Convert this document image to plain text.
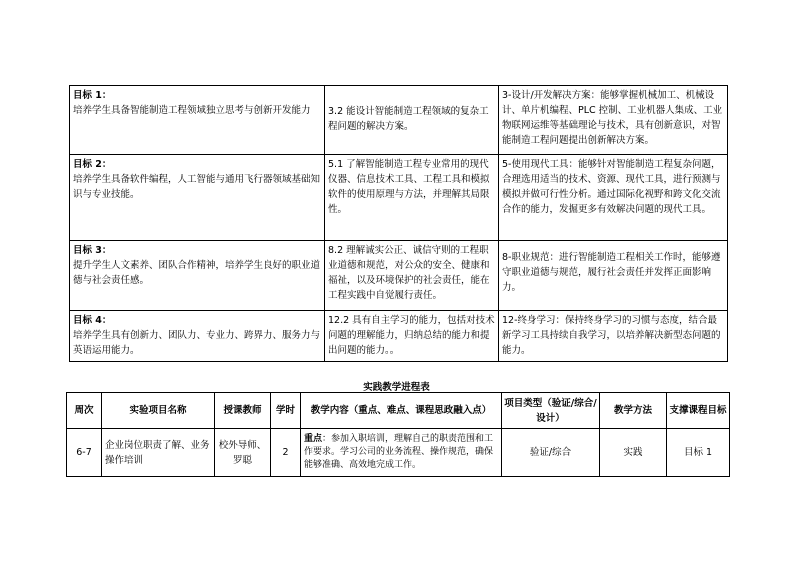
目标 1：
培养学生具备智能制造工程领域独立思考与创新开发能力	3.2 能设计智能制造工程领域的复杂工程问题的解决方案。	3-设计/开发解决方案：能够掌握机械加工、机械设计、单片机编程、PLC 控制、工业机器人集成、工业物联网运维等基础理论与技术，具有创新意识，对智能制造工程问题提出创新解决方案。

目标 2：
培养学生具备软件编程，人工智能与通用飞行器领域基础知识与专业技能。	5.1 了解智能制造工程专业常用的现代仪器、信息技术工具、工程工具和模拟软件的使用原理与方法，并理解其局限性。	5-使用现代工具：能够针对智能制造工程复杂问题，合理选用适当的技术、资源、现代工具，进行预测与模拟并做可行性分析。通过国际化视野和跨文化交流合作的能力，发掘更多有效解决问题的现代工具。

目标 3：
提升学生人文素养、团队合作精神，培养学生良好的职业道德与社会责任感。	8.2 理解诚实公正、诚信守则的工程职业道德和规范，对公众的安全、健康和福祉，以及环境保护的社会责任，能在工程实践中自觉履行责任。	8-职业规范：进行智能制造工程相关工作时，能够遵守职业道德与规范，履行社会责任并发挥正面影响力。

目标 4：
培养学生具有创新力、团队力、专业力、跨界力、服务力与英语运用能力。	12.2 具有自主学习的能力，包括对技术问题的理解能力，归纳总结的能力和提出问题的能力。。	12-终身学习：保持终身学习的习惯与态度，结合最新学习工具持续自我学习，以培养解决新型态问题的能力。
实践教学进程表
周次	实验项目名称	授课教师	学时	教学内容（重点、难点、课程思政融入点）	项目类型（验证/综合/设计）	教学方法	支撑课程目标
6-7	企业岗位职责了解、业务操作培训	校外导师、罗聪	2	重点：参加入职培训，理解自己的职责范围和工作要求。学习公司的业务流程、操作规范，确保能够准确、高效地完成工作。	验证/综合	实践	目标 1
